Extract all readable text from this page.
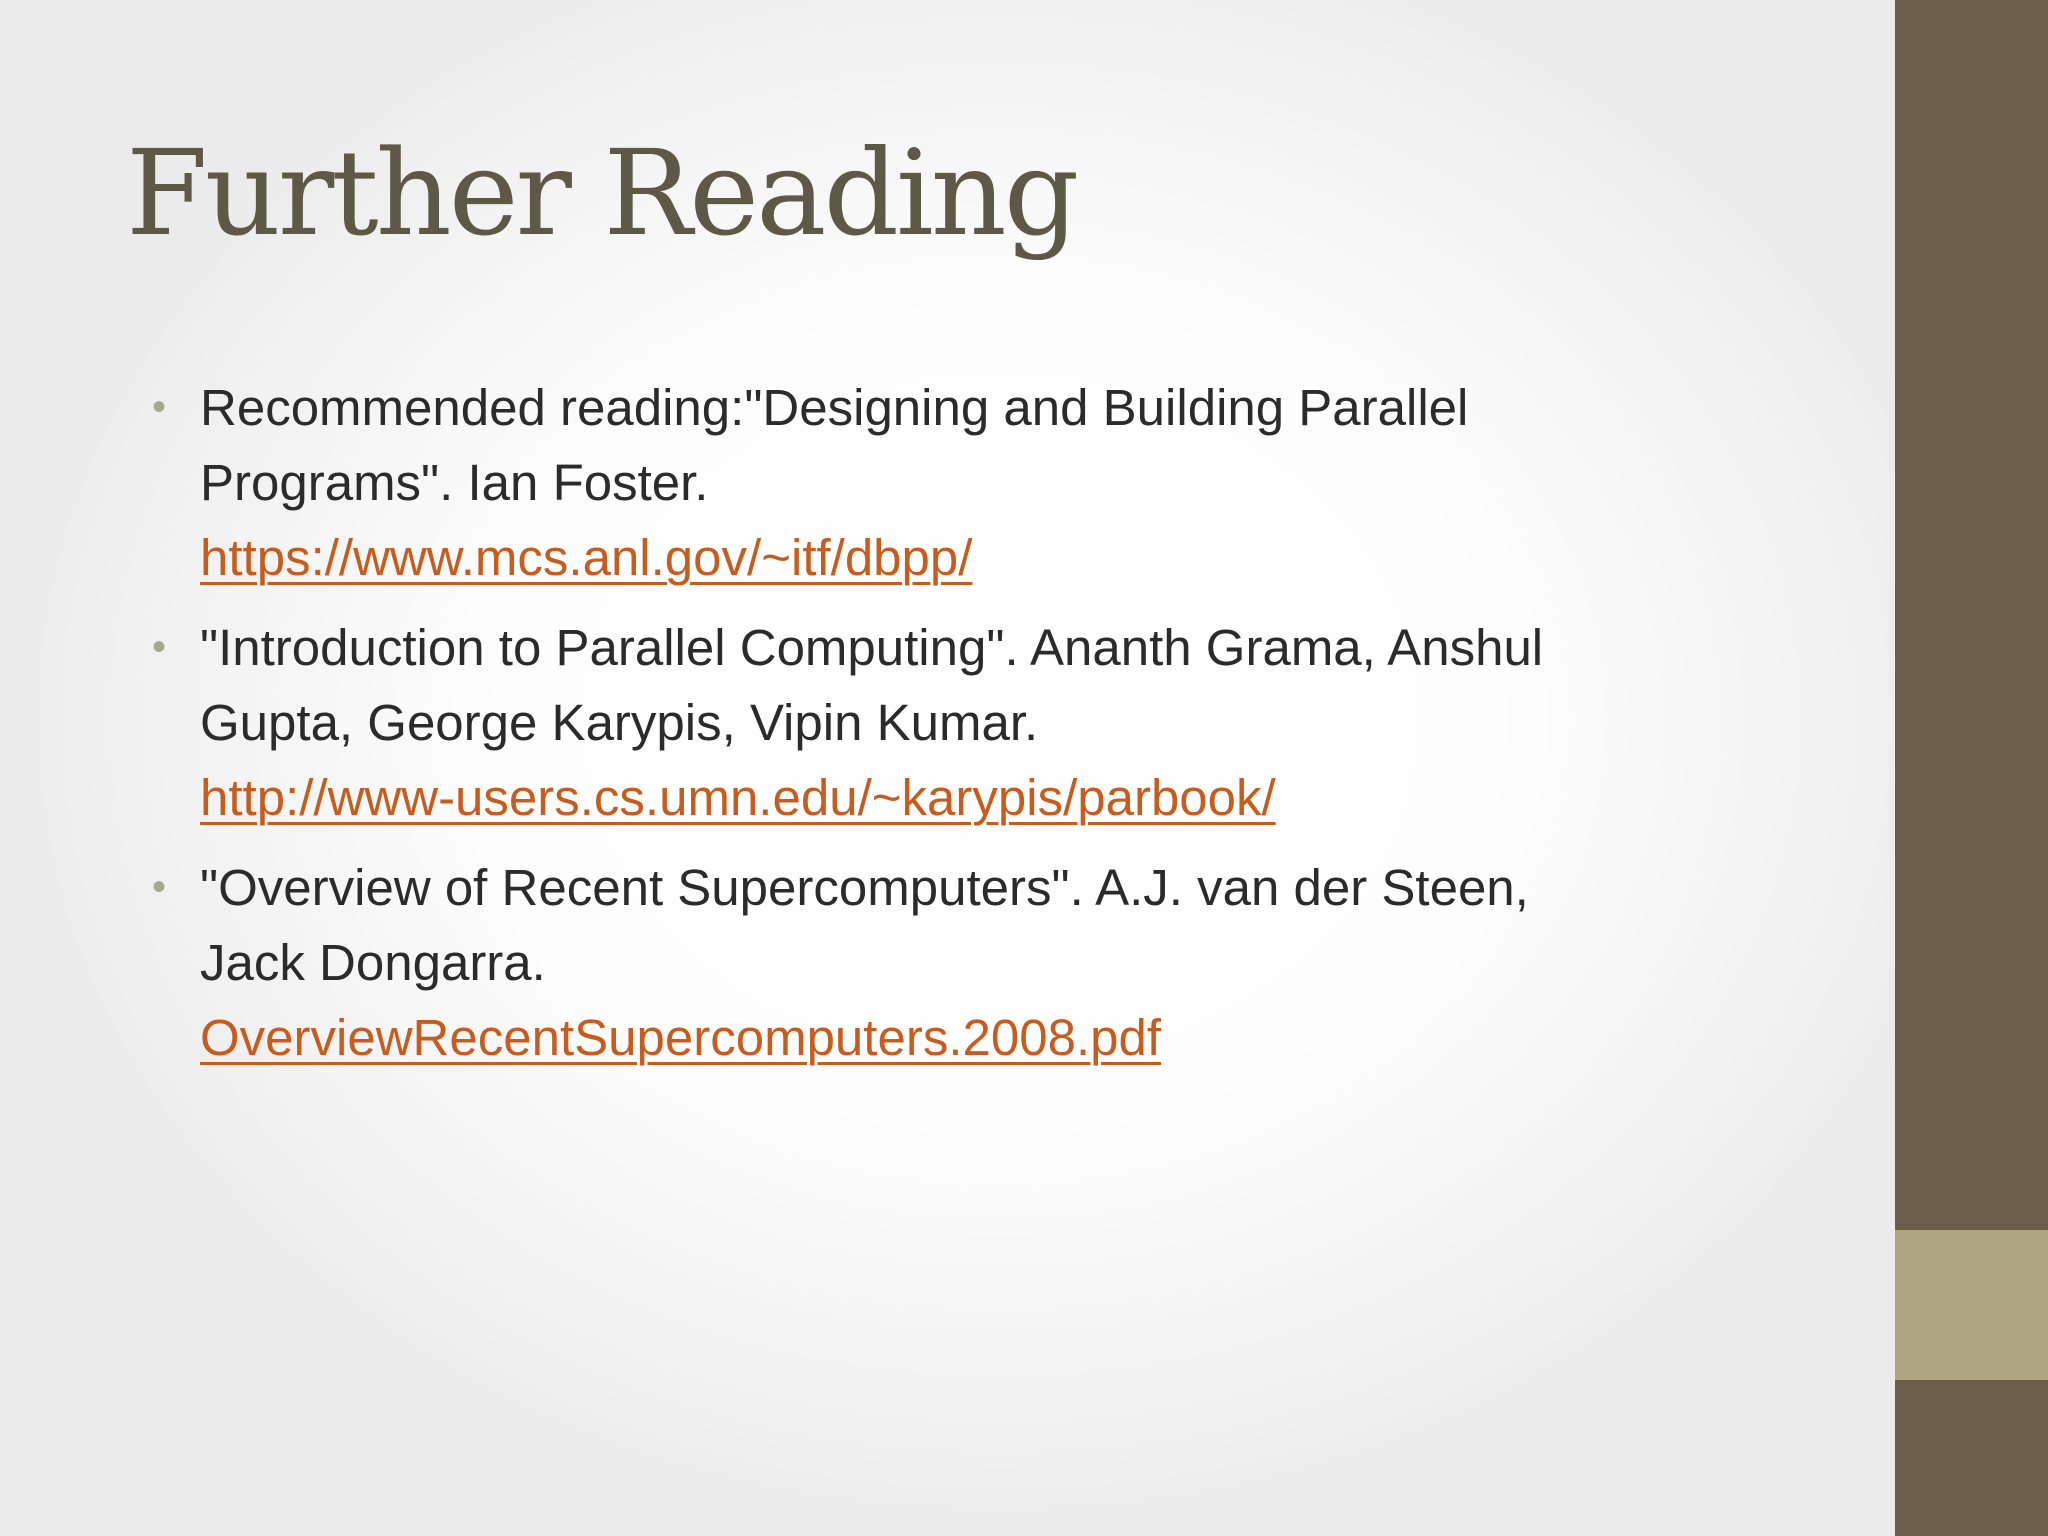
Further Reading
• Recommended reading:"Designing and Building Parallel
Programs". Ian Foster.
https://www.mcs.anl.gov/~itf/dbpp/
• "Introduction to Parallel Computing". Ananth Grama, Anshul
Gupta, George Karypis, Vipin Kumar.
http://www-users.cs.umn.edu/~karypis/parbook/
• "Overview of Recent Supercomputers". A.J. van der Steen,
Jack Dongarra.
OverviewRecentSupercomputers.2008.pdf
